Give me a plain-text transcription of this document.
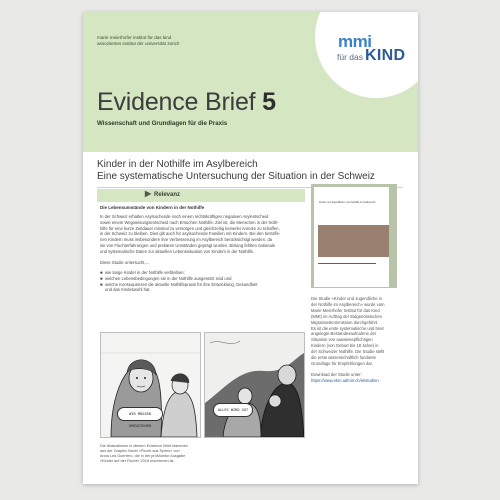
marie meierhofer institut für das kind
assoziiertes institut der universität zürich	mmi
für das KIND
Evidence Brief 5
Wissenschaft und Grundlagen für die Praxis
Kinder in der Nothilfe im Asylbereich
Eine systematische Untersuchung der Situation in der Schweiz
▶ Relevanz
Die Lebensumstände von Kindern in der Nothilfe
In der Schweiz erhalten Asylsuchende nach einem rechtskräftigen negativen Asylentscheid
sowie einem Wegweisungsentscheid nach Ersuchen Nothilfe. Ziel ist, die Menschen in der Noth-
hilfe für eine kurze Zeitdauer minimal zu versorgen und gleichzeitig keinerlei Anreize zu schaffen,
in der Schweiz zu bleiben. Dies gilt auch für asylsuchende Familien mit Kindern. Bei den betroffe-
nen Kindern muss insbesondere ihre Verbesserung im Asylbereich berücksichtigt werden, da
sie von Fluchterfahrungen und prekären Umständen geprägt wurden. Bislang fehlten nationale
und systematische Daten zur aktuellen Lebenssituation von Kindern in der Nothilfe.
Diese Studie untersucht,...
■ wie lange Kinder in der Nothilfe verbleiben;
■ welchen Lebensbedingungen sie in der Nothilfe ausgesetzt sind und
■ welche Konsequenzen die aktuelle Nothilfepraxis für ihre Entwicklung, Gesundheit
und das Kindeswohl hat.
WIR MÜSSEN UMZUZIEHEN
ALLES WIRD GUT
Die Illustrationen in diesem Evidence Brief stammen
aus der Graphic Novel «Flucht aus Syrien» von
Anna Lea Guerrero, die in der proMonitor Ausgabe
«Kinder auf der Flucht» 2018 erschienen ist.
Kinder und Jugendliche in der Nothilfe im Asylbereich
Die Studie «Kinder und Jugendliche in
der Nothilfe im Asylbereich» wurde vom
Marie Meierhofer Institut für das Kind
(MMI) im Auftrag der Eidgenössischen
Migrationskommission durchgeführt.
Es ist die erste systematische und breit
angelegte Bestandesaufnahme der
Situation von auswiesepflichtigen
Kindern (von Geburt bis 18 Jahre) in
der Schweizer Nothilfe. Die Studie stellt
die erste wissenschaftlich fundierte
Grundlage für Empfehlungen dar.
Download der Studie unter:
https://www.ekm.admin.ch/ekstudien
